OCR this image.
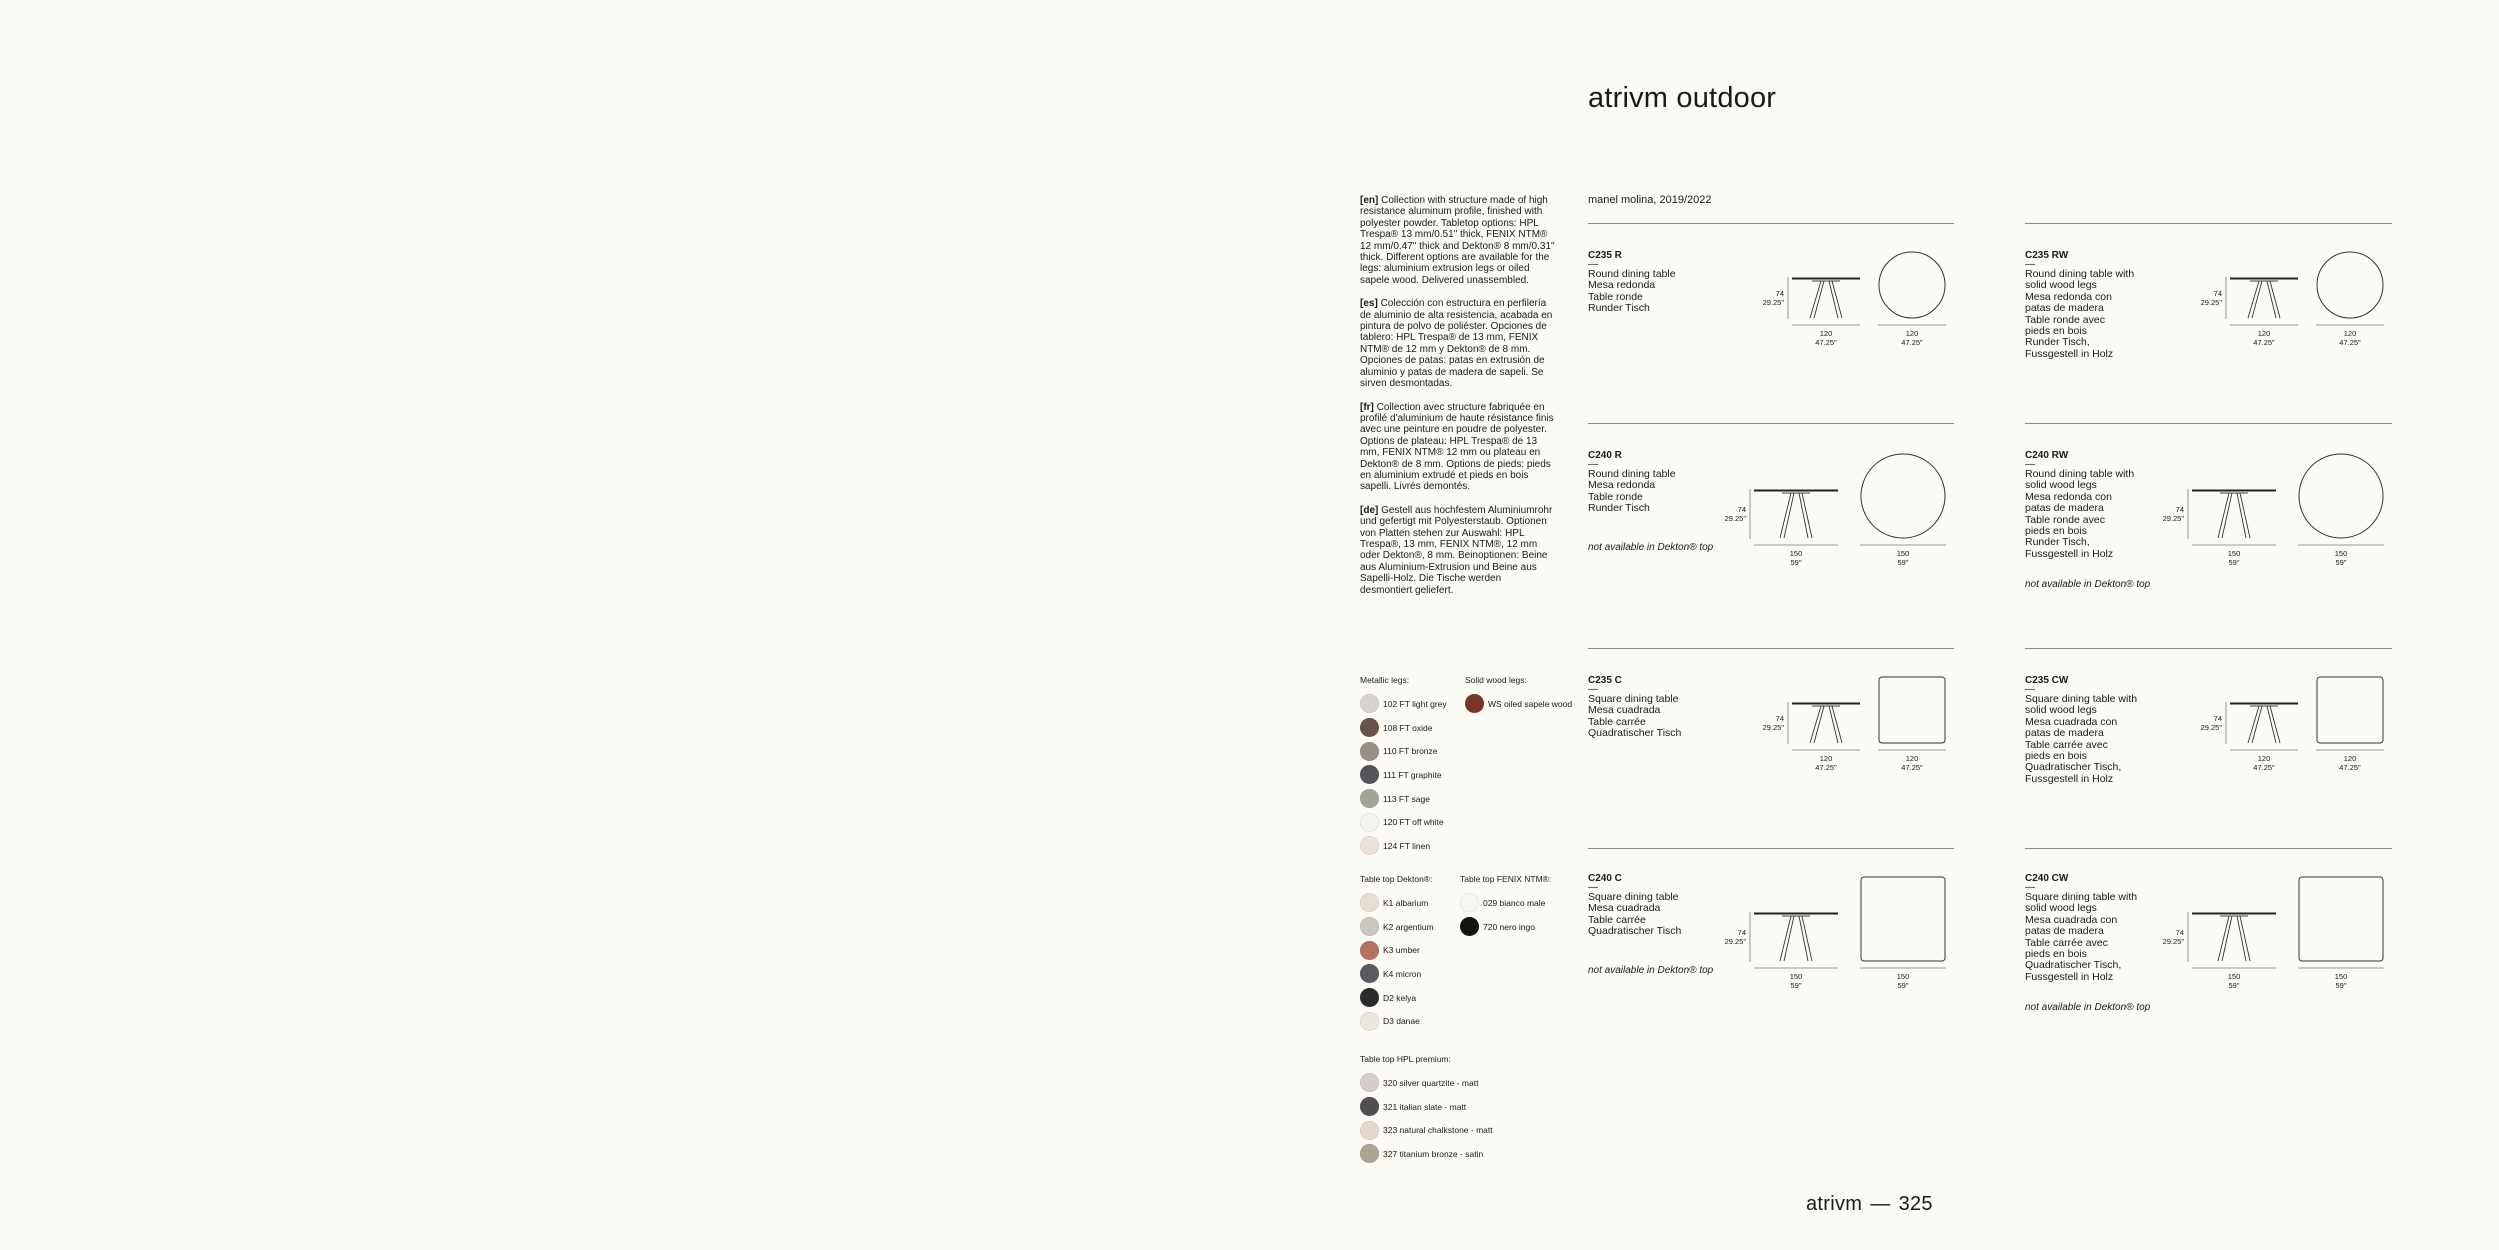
atrivm outdoor
manel molina, 2019/2022

[en] Collection with structure made of high resistance aluminum profile, finished with polyester powder. Tabletop options: HPL Trespa® 13 mm/0.51" thick, FENIX NTM® 12 mm/0.47" thick and Dekton® 8 mm/0.31" thick. Different options are available for the legs: aluminium extrusion legs or oiled sapele wood. Delivered unassembled.

[es] Colección con estructura en perfilería de aluminio de alta resistencia, acabada en pintura de polvo de poliéster. Opciones de tablero: HPL Trespa® de 13 mm, FENIX NTM® de 12 mm y Dekton® de 8 mm. Opciones de patas: patas en extrusión de aluminio y patas de madera de sapeli. Se sirven desmontadas.

[fr] Collection avec structure fabriquée en profilé d'aluminium de haute résistance finis avec une peinture en poudre de polyester. Options de plateau: HPL Trespa® de 13 mm, FENIX NTM® 12 mm ou plateau en Dekton® de 8 mm. Options de pieds: pieds en aluminium extrudé et pieds en bois sapelli. Livrés demontés.

[de] Gestell aus hochfestem Aluminiumrohr und gefertigt mit Polyesterstaub. Optionen von Platten stehen zur Auswahl: HPL Trespa®, 13 mm, FENIX NTM®, 12 mm oder Dekton®, 8 mm. Beinoptionen: Beine aus Aluminium-Extrusion und Beine aus Sapelli-Holz. Die Tische werden desmontiert geliefert.

Metallic legs:
102 FT light grey
108 FT oxide
110 FT bronze
111 FT graphite
113 FT sage
120 FT off white
124 FT linen
Solid wood legs:
WS oiled sapele wood
Table top Dekton®:
K1 albarium
K2 argentium
K3 umber
K4 micron
D2 kelya
D3 danae
Table top FENIX NTM®:
029 bianco male
720 nero ingo
Table top HPL premium:
320 silver quartzite - matt
321 italian slate - matt
323 natural chalkstone - matt
327 titanium bronze - satin
C235 R
—
Round dining table
Mesa redonda
Table ronde
Runder Tisch
74
29.25"
120
47.25"
120
47.25"
C235 RW
—
Round dining table with
solid wood legs
Mesa redonda con
patas de madera
Table ronde avec
pieds en bois
Runder Tisch,
Fussgestell in Holz
74
29.25"
120
47.25"
120
47.25"
C240 R
—
Round dining table
Mesa redonda
Table ronde
Runder Tisch
not available in Dekton® top
74
29.25"
150
59"
150
59"
C240 RW
—
Round dining table with
solid wood legs
Mesa redonda con
patas de madera
Table ronde avec
pieds en bois
Runder Tisch,
Fussgestell in Holz
not available in Dekton® top
74
29.25"
150
59"
150
59"
C235 C
—
Square dining table
Mesa cuadrada
Table carrée
Quadratischer Tisch
74
29.25"
120
47.25"
120
47.25"
C235 CW
—
Square dining table with
solid wood legs
Mesa cuadrada con
patas de madera
Table carrée avec
pieds en bois
Quadratischer Tisch,
Fussgestell in Holz
74
29.25"
120
47.25"
120
47.25"
C240 C
—
Square dining table
Mesa cuadrada
Table carrée
Quadratischer Tisch
not available in Dekton® top
74
29.25"
150
59"
150
59"
C240 CW
—
Square dining table with
solid wood legs
Mesa cuadrada con
patas de madera
Table carrée avec
pieds en bois
Quadratischer Tisch,
Fussgestell in Holz
not available in Dekton® top
74
29.25"
150
59"
150
59"
atrivm — 325
